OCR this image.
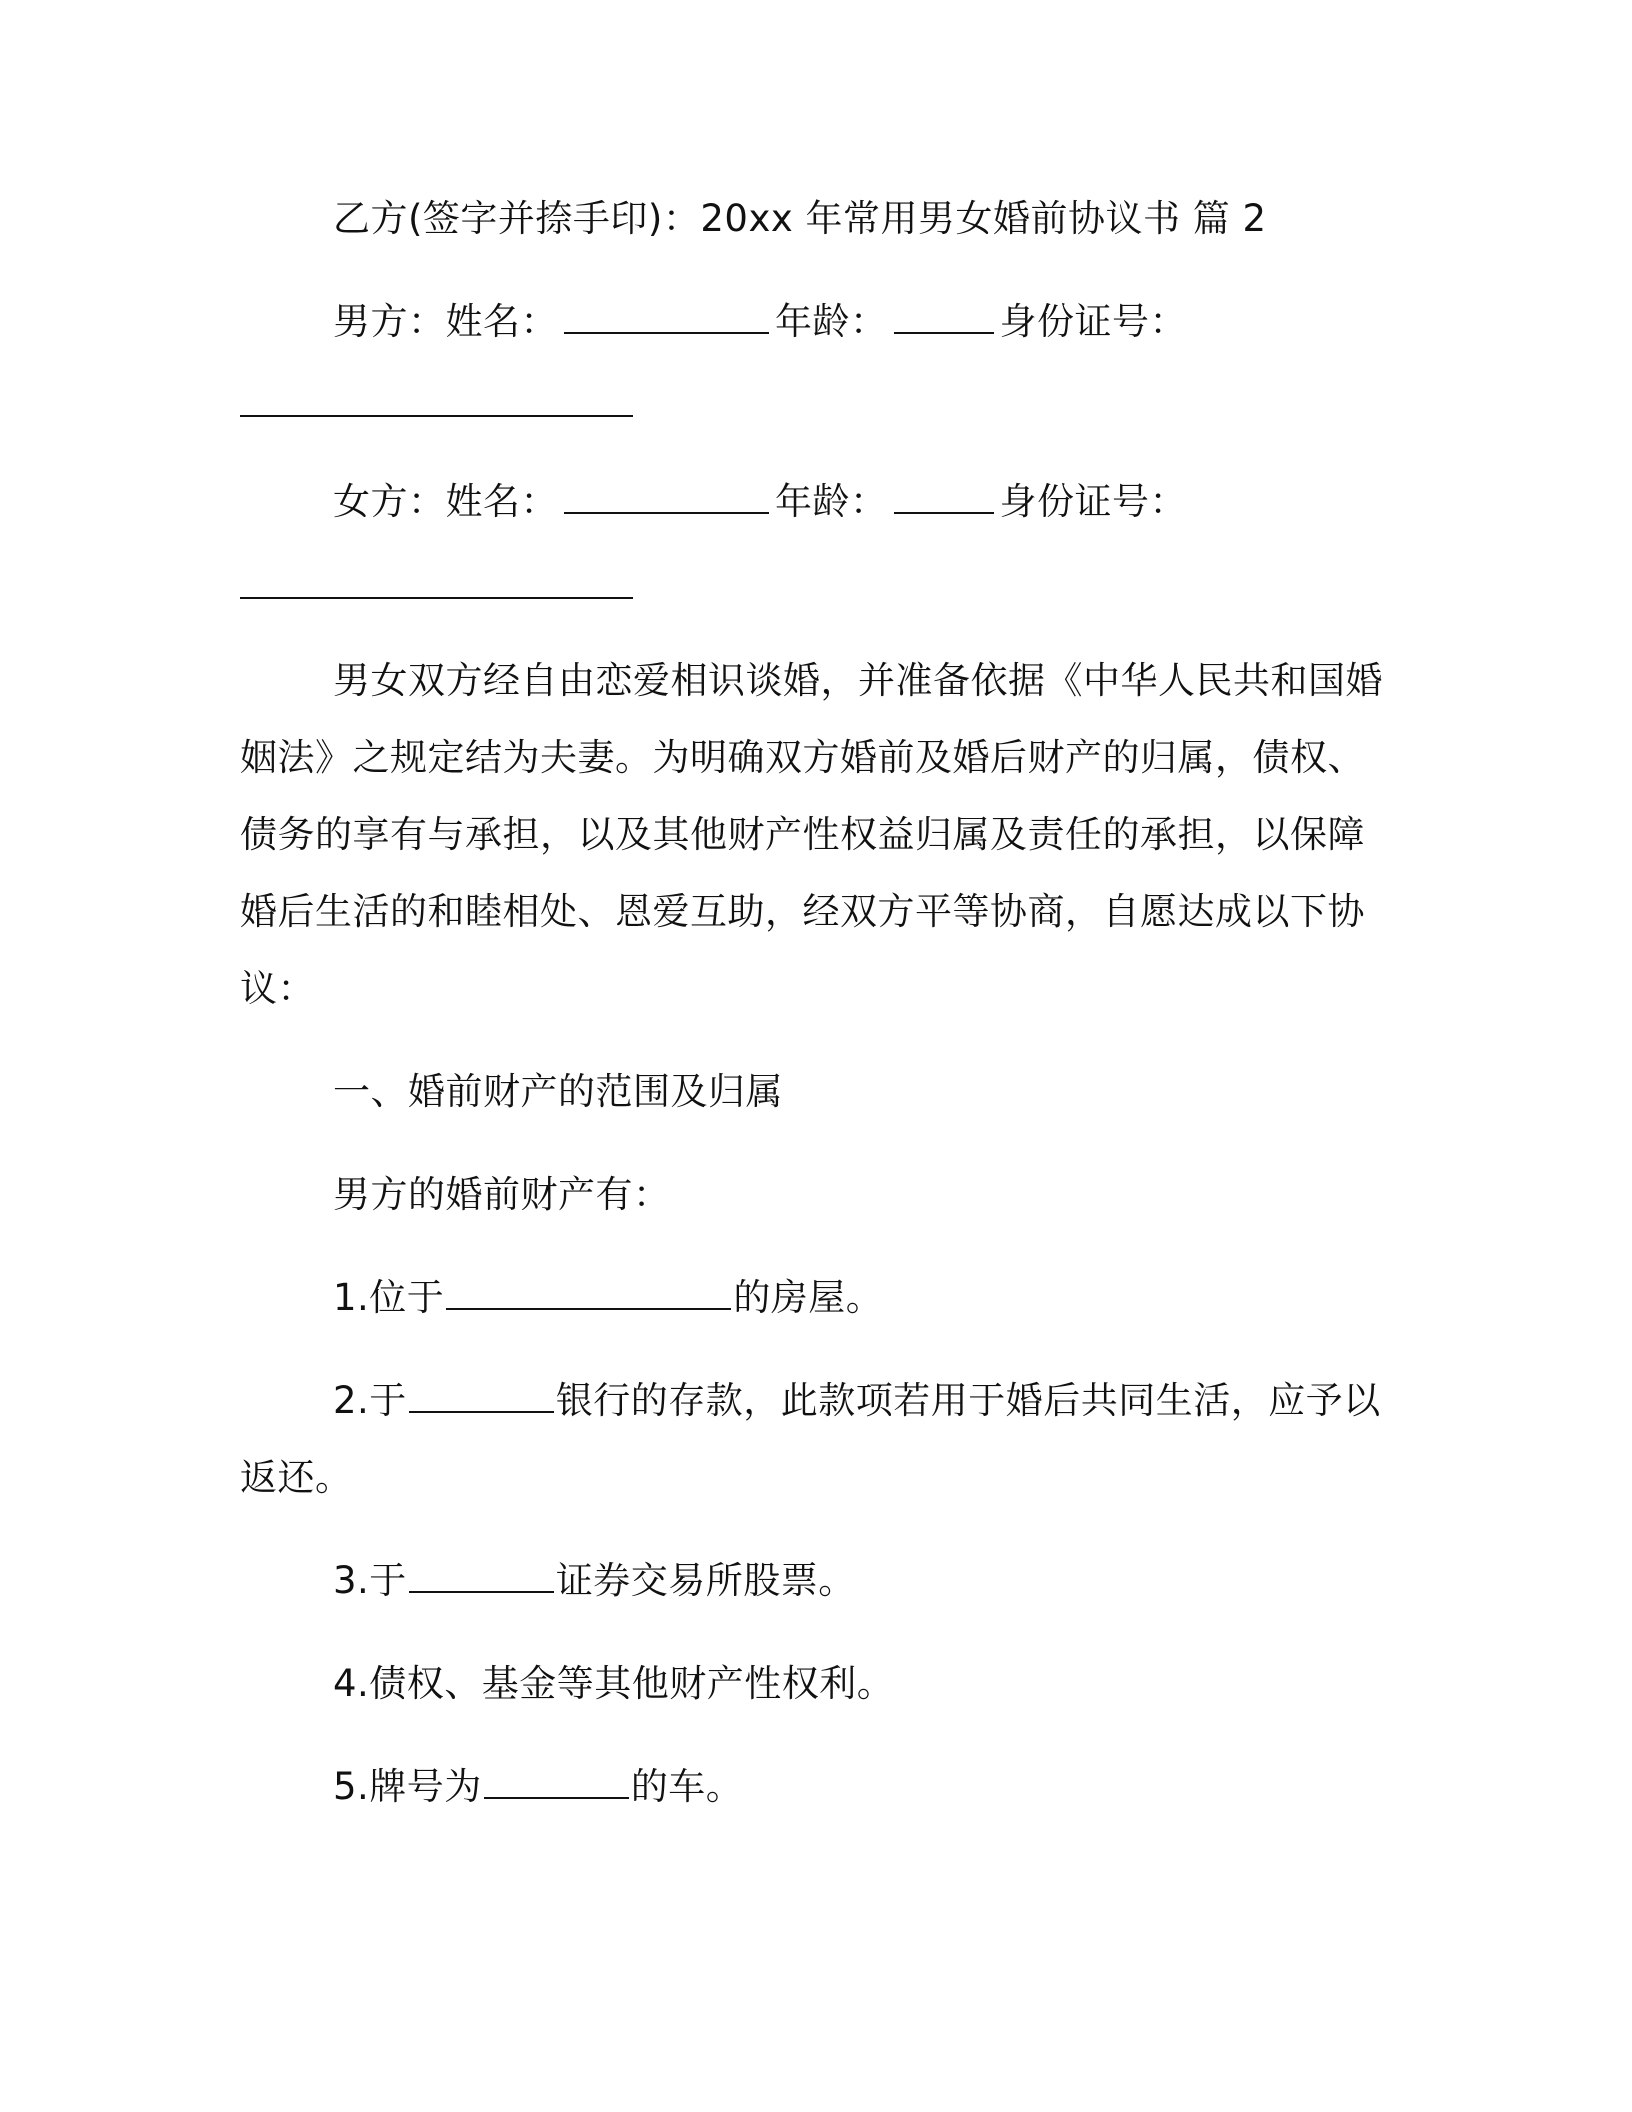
乙方(签字并捺手印)：20xx 年常用男女婚前协议书 篇 2
男方：姓名：	年龄：	身份证号：
女方：姓名：	年龄：	身份证号：
男女双方经自由恋爱相识谈婚，并准备依据《中华人民共和国婚
姻法》之规定结为夫妻。为明确双方婚前及婚后财产的归属，债权、
债务的享有与承担，以及其他财产性权益归属及责任的承担，以保障
婚后生活的和睦相处、恩爱互助，经双方平等协商，自愿达成以下协
议：
一、婚前财产的范围及归属
男方的婚前财产有：
1.位于	的房屋。
2.于	银行的存款，此款项若用于婚后共同生活，应予以
返还。
3.于	证券交易所股票。
4.债权、基金等其他财产性权利。
5.牌号为	的车。
